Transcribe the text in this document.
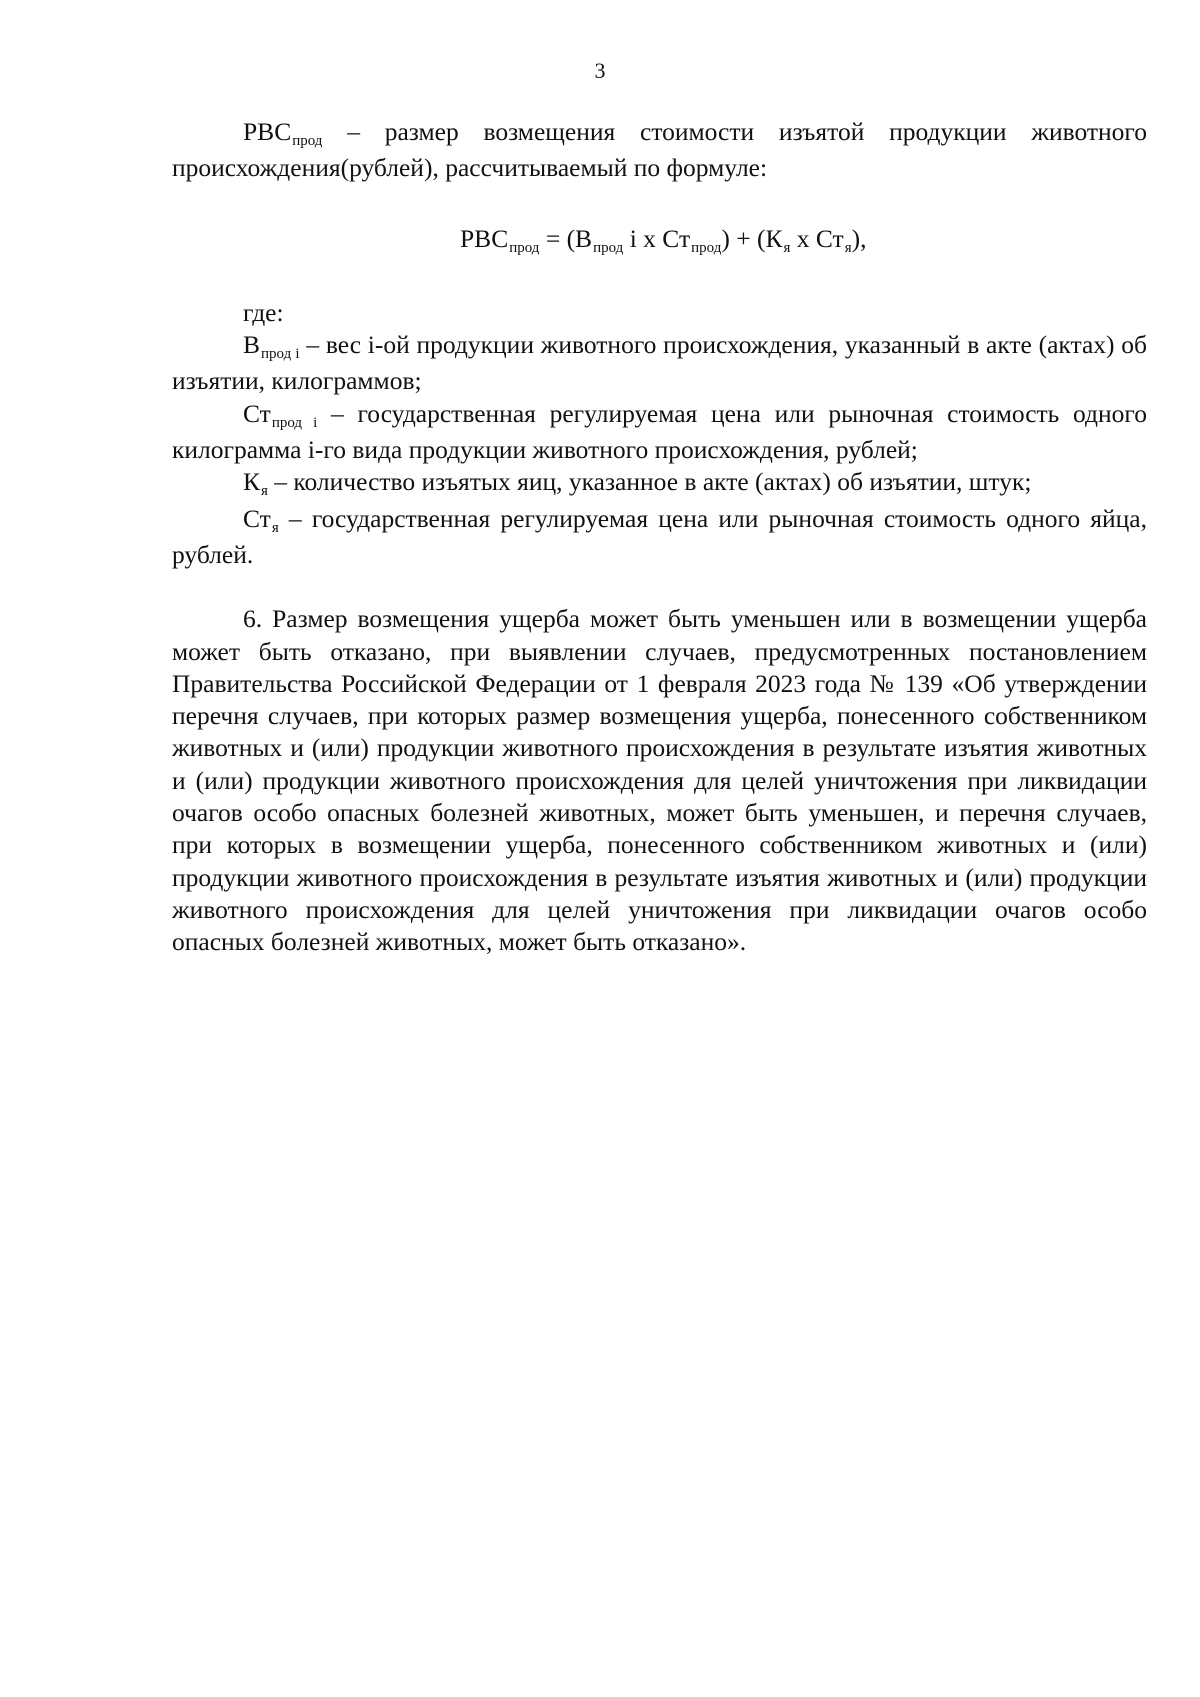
3

РВСпрод – размер возмещения стоимости изъятой продукции животного происхождения(рублей), рассчитываемый по формуле:

РВСпрод = (Впрод i х Стпрод) + (Кя х Стя),

где:

Впрод i – вес i-ой продукции животного происхождения, указанный в акте (актах) об изъятии, килограммов;

Стпрод i – государственная регулируемая цена или рыночная стоимость одного килограмма i-го вида продукции животного происхождения, рублей;

Кя – количество изъятых яиц, указанное в акте (актах) об изъятии, штук;

Стя – государственная регулируемая цена или рыночная стоимость одного яйца, рублей.

6. Размер возмещения ущерба может быть уменьшен или в возмещении ущерба может быть отказано, при выявлении случаев, предусмотренных постановлением Правительства Российской Федерации от 1 февраля 2023 года № 139 «Об утверждении перечня случаев, при которых размер возмещения ущерба, понесенного собственником животных и (или) продукции животного происхождения в результате изъятия животных и (или) продукции животного происхождения для целей уничтожения при ликвидации очагов особо опасных болезней животных, может быть уменьшен, и перечня случаев, при которых в возмещении ущерба, понесенного собственником животных и (или) продукции животного происхождения в результате изъятия животных и (или) продукции животного происхождения для целей уничтожения при ликвидации очагов особо опасных болезней животных, может быть отказано».
